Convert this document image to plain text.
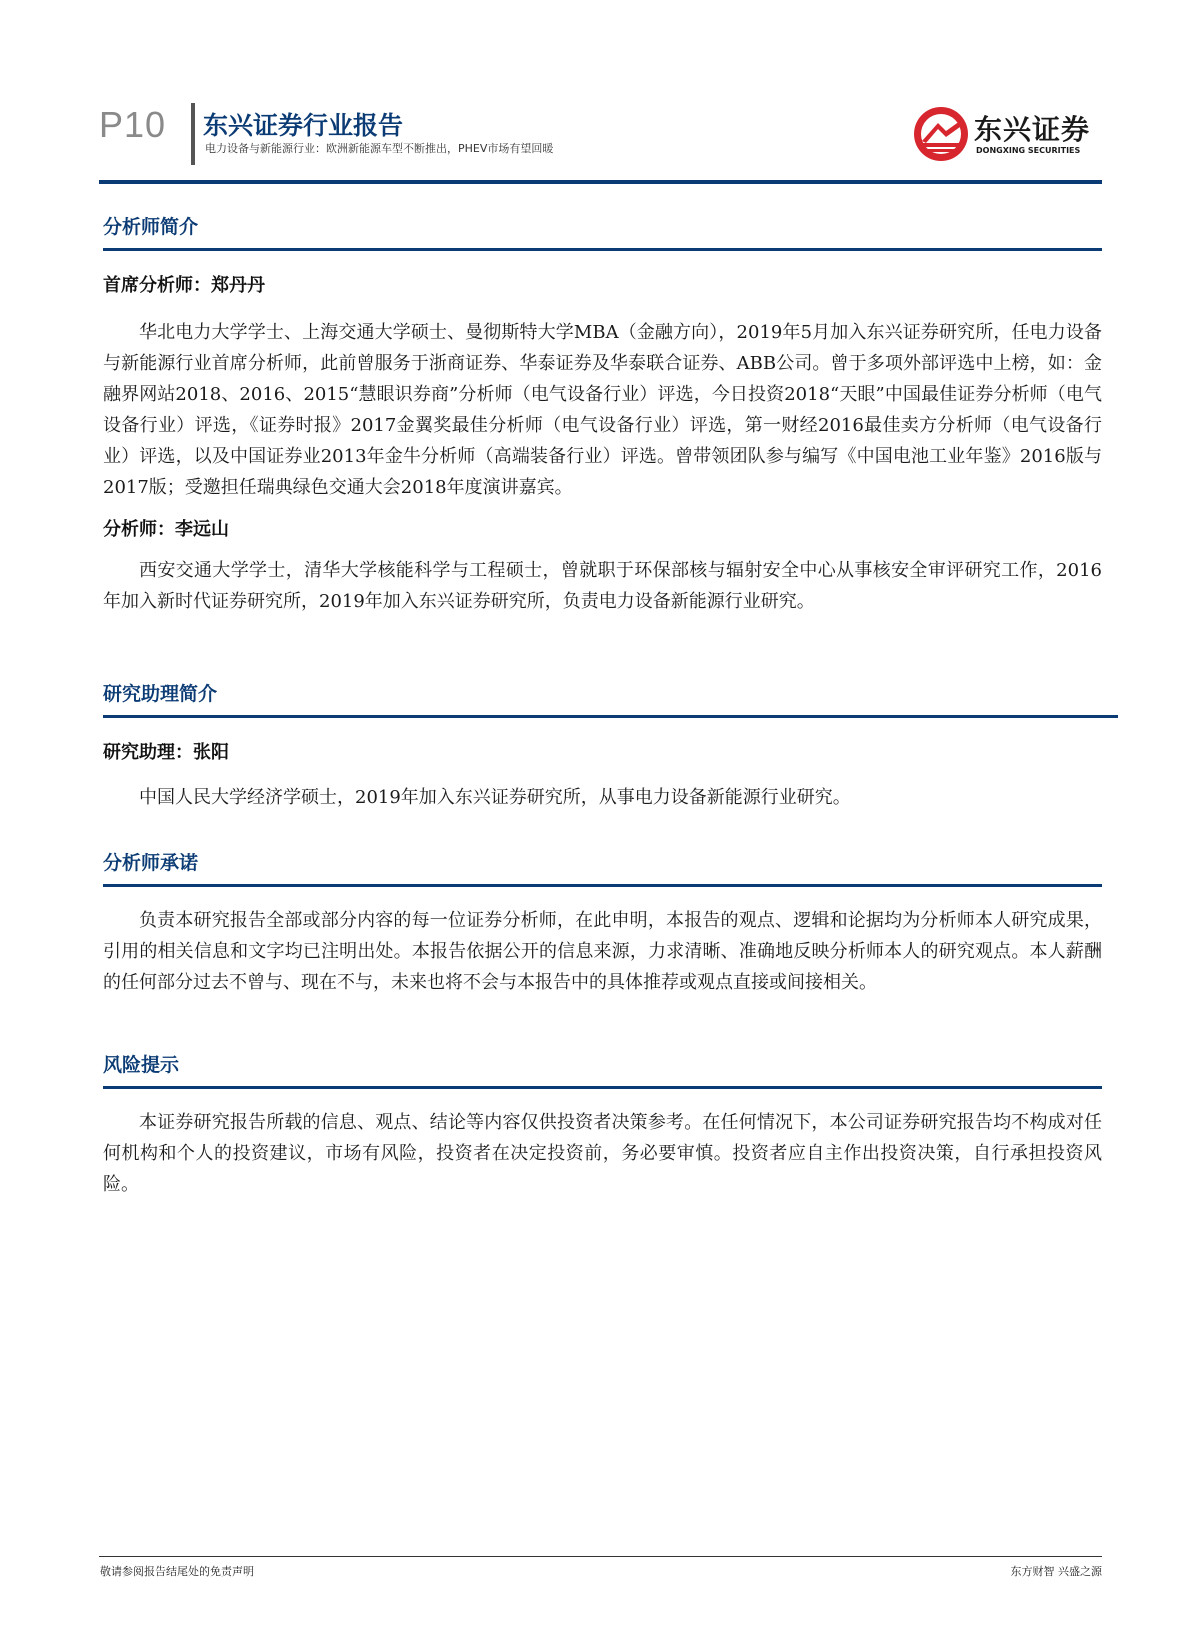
P10 东兴证券行业报告
电力设备与新能源行业：欧洲新能源车型不断推出，PHEV市场有望回暖
东兴证券
DONGXING SECURITIES
分析师简介
首席分析师：郑丹丹

华北电力大学学士、上海交通大学硕士、曼彻斯特大学MBA（金融方向），2019年5月加入东兴证券研究所，任电力设备与新能源行业首席分析师，此前曾服务于浙商证券、华泰证券及华泰联合证券、ABB公司。曾于多项外部评选中上榜，如：金融界网站2018、2016、2015“慧眼识券商”分析师（电气设备行业）评选，今日投资2018“天眼”中国最佳证券分析师（电气设备行业）评选，《证券时报》2017金翼奖最佳分析师（电气设备行业）评选，第一财经2016最佳卖方分析师（电气设备行业）评选，以及中国证券业2013年金牛分析师（高端装备行业）评选。曾带领团队参与编写《中国电池工业年鉴》2016版与2017版；受邀担任瑞典绿色交通大会2018年度演讲嘉宾。

分析师：李远山

西安交通大学学士，清华大学核能科学与工程硕士，曾就职于环保部核与辐射安全中心从事核安全审评研究工作，2016年加入新时代证券研究所，2019年加入东兴证券研究所，负责电力设备新能源行业研究。

研究助理简介
研究助理：张阳

中国人民大学经济学硕士，2019年加入东兴证券研究所，从事电力设备新能源行业研究。

分析师承诺

负责本研究报告全部或部分内容的每一位证券分析师，在此申明，本报告的观点、逻辑和论据均为分析师本人研究成果，引用的相关信息和文字均已注明出处。本报告依据公开的信息来源，力求清晰、准确地反映分析师本人的研究观点。本人薪酬的任何部分过去不曾与、现在不与，未来也将不会与本报告中的具体推荐或观点直接或间接相关。

风险提示

本证券研究报告所载的信息、观点、结论等内容仅供投资者决策参考。在任何情况下，本公司证券研究报告均不构成对任何机构和个人的投资建议，市场有风险，投资者在决定投资前，务必要审慎。投资者应自主作出投资决策，自行承担投资风险。

敬请参阅报告结尾处的免责声明	东方财智 兴盛之源
